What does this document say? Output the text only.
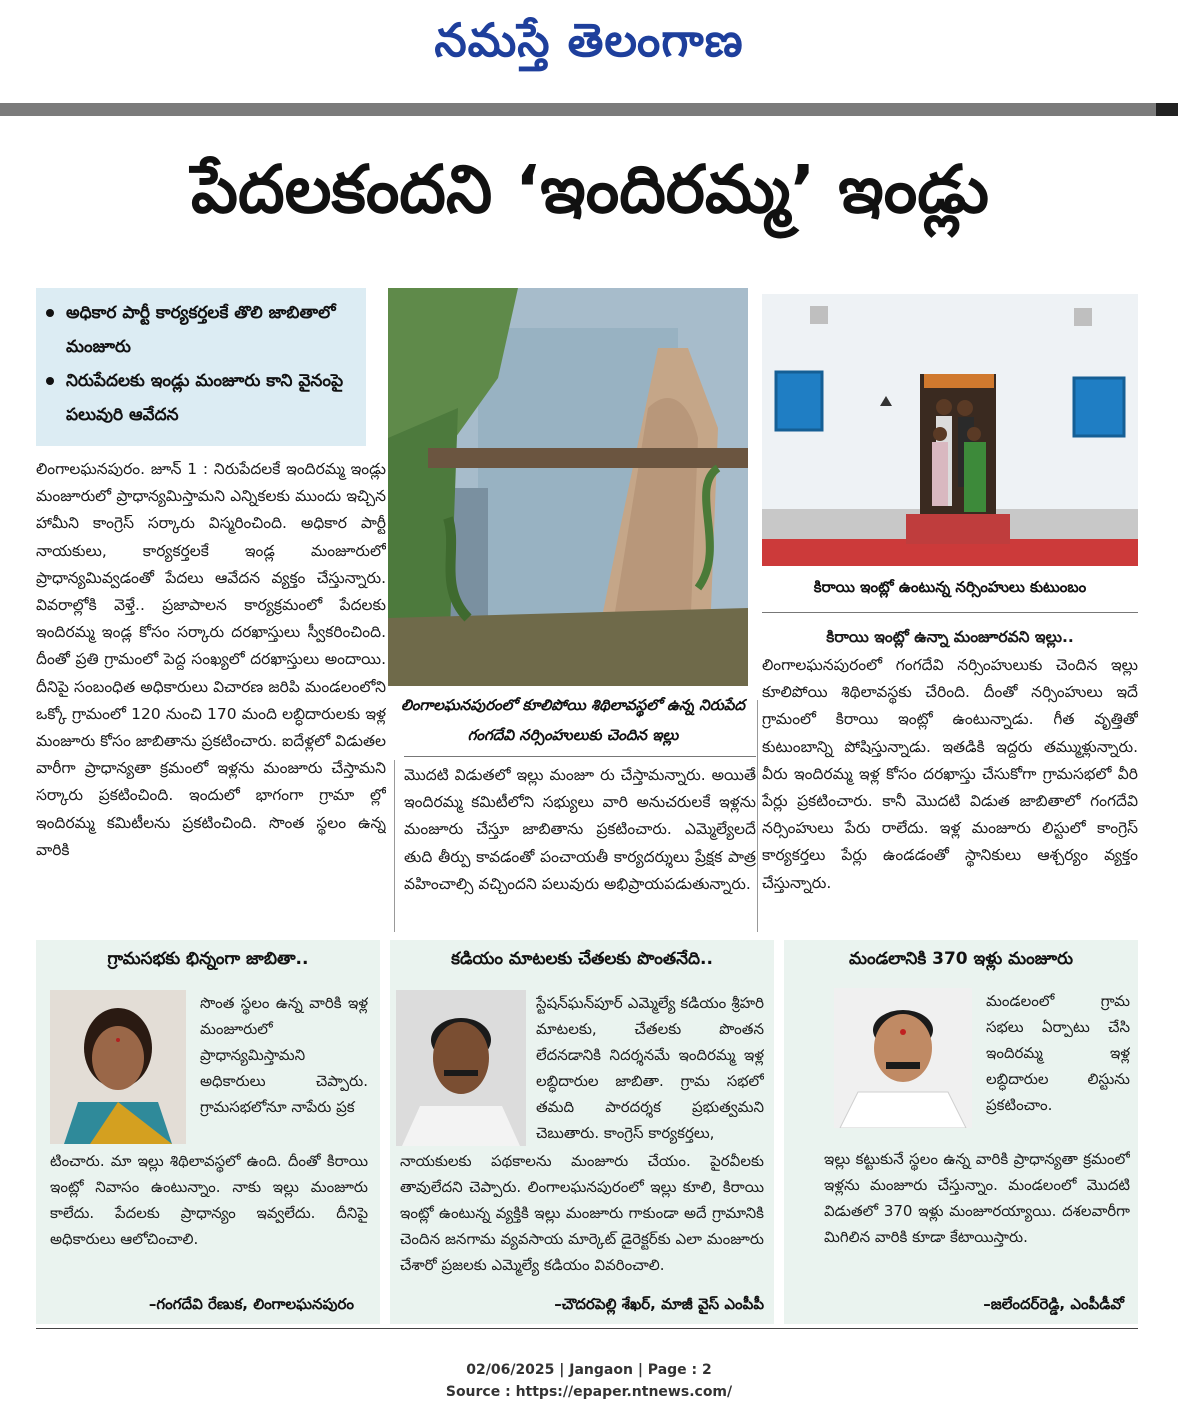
నమస్తే తెలంగాణ
పేదలకందని ‘ఇందిరమ్మ’ ఇండ్లు
అధికార పార్టీ కార్యకర్తలకే తొలి జాబితాలో మంజూరు
నిరుపేదలకు ఇండ్లు మంజూరు కాని వైనంపై పలువురి ఆవేదన
లింగాలఘనపురం. జూన్ 1 : నిరుపేదలకే ఇందిరమ్మ ఇండ్లు మంజూరులో ప్రాధాన్యమిస్తామని ఎన్నికలకు ముందు ఇచ్చిన హామీని కాంగ్రెస్ సర్కారు విస్మరించింది. అధికార పార్టీ నాయకులు, కార్యకర్తలకే ఇండ్ల మంజూరులో ప్రాధాన్యమివ్వడంతో పేదలు ఆవేదన వ్యక్తం చేస్తున్నారు. వివరాల్లోకి వెళ్తే.. ప్రజాపాలన కార్యక్రమంలో పేదలకు ఇందిరమ్మ ఇండ్ల కోసం సర్కారు దరఖాస్తులు స్వీకరించింది. దీంతో ప్రతి గ్రామంలో పెద్ద సంఖ్యలో దరఖాస్తులు అందాయి. దీనిపై సంబంధిత అధికారులు విచారణ జరిపి మండలంలోని ఒక్కో గ్రామంలో 120 నుంచి 170 మంది లబ్ధిదారులకు ఇళ్ల మంజూరు కోసం జాబితాను ప్రకటించారు. ఐదేళ్లలో విడుతల వారీగా ప్రాధాన్యతా క్రమంలో ఇళ్లను మంజూరు చేస్తామని సర్కారు ప్రకటించింది. ఇందులో భాగంగా గ్రామా ల్లో ఇందిరమ్మ కమిటీలను ప్రకటించింది. సొంత స్థలం ఉన్న వారికి
లింగాలఘనపురంలో కూలిపోయి శిథిలావస్థలో ఉన్న నిరుపేద గంగదేవి నర్సింహులుకు చెందిన ఇల్లు
కిరాయి ఇంట్లో ఉంటున్న నర్సింహులు కుటుంబం
మొదటి విడుతలో ఇల్లు మంజూ రు చేస్తామన్నారు. అయితే ఇందిరమ్మ కమిటీలోని సభ్యులు వారి అనుచరులకే ఇళ్లను మంజూరు చేస్తూ జాబితాను ప్రకటించారు. ఎమ్మెల్యేలదే తుది తీర్పు కావడంతో పంచాయతీ కార్యదర్శులు ప్రేక్షక పాత్ర వహించాల్సి వచ్చిందని పలువురు అభిప్రాయపడుతున్నారు.
కిరాయి ఇంట్లో ఉన్నా మంజూరవని ఇల్లు..
లింగాలఘనపురంలో గంగదేవి నర్సింహులుకు చెందిన ఇల్లు కూలిపోయి శిథిలావస్థకు చేరింది. దీంతో నర్సింహులు ఇదే గ్రామంలో కిరాయి ఇంట్లో ఉంటున్నాడు. గీత వృత్తితో కుటుంబాన్ని పోషిస్తున్నాడు. ఇతడికి ఇద్దరు తమ్ముళ్లున్నారు. వీరు ఇందిరమ్మ ఇళ్ల కోసం దరఖాస్తు చేసుకోగా గ్రామసభలో వీరి పేర్లు ప్రకటించారు. కానీ మొదటి విడుత జాబితాలో గంగదేవి నర్సింహులు పేరు రాలేదు. ఇళ్ల మంజూరు లిస్టులో కాంగ్రెస్ కార్యకర్తలు పేర్లు ఉండడంతో స్థానికులు ఆశ్చర్యం వ్యక్తం చేస్తున్నారు.
గ్రామసభకు భిన్నంగా జాబితా..
సొంత స్థలం ఉన్న వారికి ఇళ్ల మంజూరులో ప్రాధాన్యమిస్తామని అధికారులు చెప్పారు. గ్రామసభలోనూ నాపేరు ప్రక
టించారు. మా ఇల్లు శిథిలావస్థలో ఉంది. దీంతో కిరాయి ఇంట్లో నివాసం ఉంటున్నాం. నాకు ఇల్లు మంజూరు కాలేదు. పేదలకు ప్రాధాన్యం ఇవ్వలేదు. దీనిపై అధికారులు ఆలోచించాలి.
–గంగదేవి రేణుక, లింగాలఘనపురం
కడియం మాటలకు చేతలకు పొంతనేది..
స్టేషన్‌ఘన్‌పూర్ ఎమ్మెల్యే కడియం శ్రీహరి మాటలకు, చేతలకు పొంతన లేదనడానికి నిదర్శనమే ఇందిరమ్మ ఇళ్ల లబ్ధిదారుల జాబితా. గ్రామ సభలో తమది పారదర్శక ప్రభుత్వమని చెబుతారు. కాంగ్రెస్ కార్యకర్తలు,
నాయకులకు పథకాలను మంజూరు చేయం. పైరవీలకు తావులేదని చెప్పారు. లింగాలఘనపురంలో ఇల్లు కూలి, కిరాయి ఇంట్లో ఉంటున్న వ్యక్తికి ఇల్లు మంజూరు గాకుండా అదే గ్రామానికి చెందిన జనగామ వ్యవసాయ మార్కెట్ డైరెక్టర్‌కు ఎలా మంజూరు చేశారో ప్రజలకు ఎమ్మెల్యే కడియం వివరించాలి.
–చౌదరపెల్లి శేఖర్, మాజీ వైస్ ఎంపీపీ
మండలానికి 370 ఇళ్లు మంజూరు
మండలంలో గ్రామ సభలు ఏర్పాటు చేసి ఇందిరమ్మ ఇళ్ల లబ్ధిదారుల లిస్టును ప్రకటించాం.
ఇల్లు కట్టుకునే స్థలం ఉన్న వారికి ప్రాధాన్యతా క్రమంలో ఇళ్లను మంజూరు చేస్తున్నాం. మండలంలో మొదటి విడుతలో 370 ఇళ్లు మంజూరయ్యాయి. దశలవారీగా మిగిలిన వారికి కూడా కేటాయిస్తారు.
–జలేందర్‌రెడ్డి, ఎంపీడీవో
02/06/2025 | Jangaon | Page : 2
Source : https://epaper.ntnews.com/
